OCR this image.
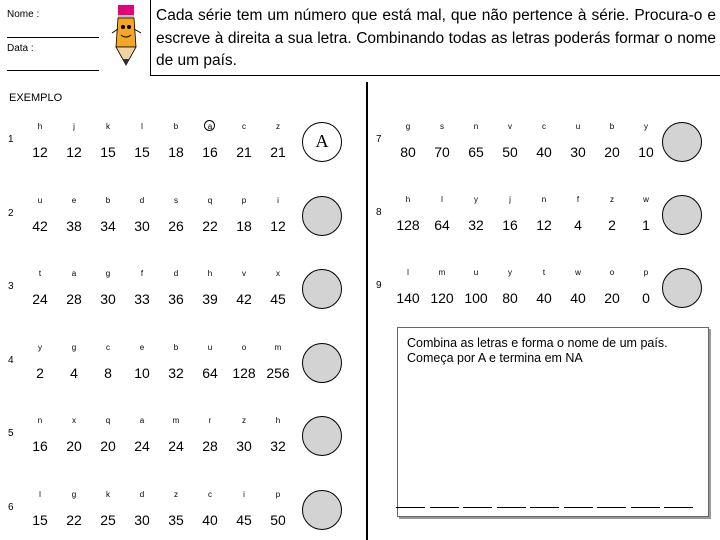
Nome :
Data :
Cada série tem um número que está mal, que não pertence à série. Procura-o e escreve à direita a sua letra. Combinando todas as letras poderás formar o nome de um país.
EXEMPLO
1
h
12
j
12
k
15
l
15
b
18
a
16
c
21
z
21
A
2
u
42
e
38
b
34
d
30
s
26
q
22
p
18
i
12
3
t
24
a
28
g
30
f
33
d
36
h
39
v
42
x
45
4
y
2
g
4
c
8
e
10
b
32
u
64
o
128
m
256
5
n
16
x
20
q
20
a
24
m
24
r
28
z
30
h
32
6
l
15
g
22
k
25
d
30
z
35
c
40
i
45
p
50
7
g
80
s
70
n
65
v
50
c
40
u
30
b
20
y
10
8
h
128
l
64
y
32
j
16
n
12
f
4
z
2
w
1
9
l
140
m
120
u
100
y
80
t
40
w
40
o
20
p
0
Combina as letras e forma o nome de um país.
Começa por A e termina em NA
